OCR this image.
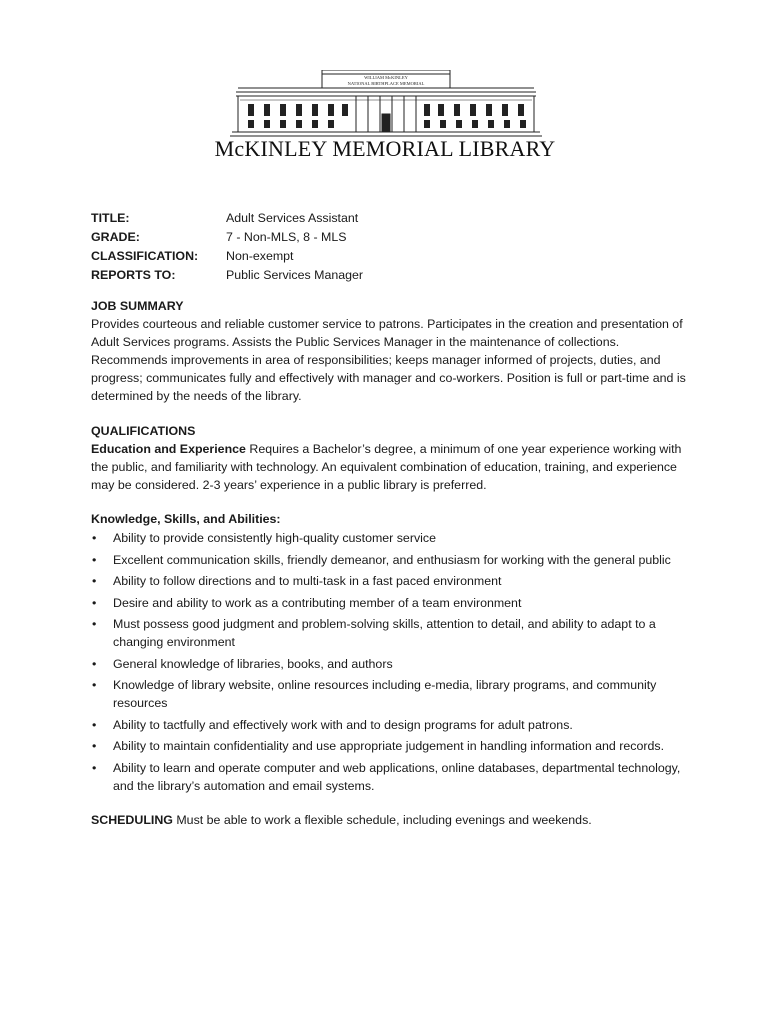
WILLIAM McKINLEY
NATIONAL BIRTHPLACE MEMORIAL
McKINLEY MEMORIAL LIBRARY
TITLE:	Adult Services Assistant
GRADE:	7 - Non-MLS, 8 - MLS
CLASSIFICATION:	Non-exempt
REPORTS TO:	Public Services Manager
JOB SUMMARY

Provides courteous and reliable customer service to patrons. Participates in the creation and presentation of Adult Services programs. Assists the Public Services Manager in the maintenance of collections. Recommends improvements in area of responsibilities; keeps manager informed of projects, duties, and progress; communicates fully and effectively with manager and co-workers. Position is full or part-time and is determined by the needs of the library.

QUALIFICATIONS

Education and Experience Requires a Bachelor’s degree, a minimum of one year experience working with the public, and familiarity with technology. An equivalent combination of education, training, and experience may be considered. 2-3 years’ experience in a public library is preferred.

Knowledge, Skills, and Abilities:
• Ability to provide consistently high-quality customer service
• Excellent communication skills, friendly demeanor, and enthusiasm for working with the general public
• Ability to follow directions and to multi-task in a fast paced environment
• Desire and ability to work as a contributing member of a team environment
• Must possess good judgment and problem-solving skills, attention to detail, and ability to adapt to a changing environment
• General knowledge of libraries, books, and authors
• Knowledge of library website, online resources including e-media, library programs, and community resources
• Ability to tactfully and effectively work with and to design programs for adult patrons.
• Ability to maintain confidentiality and use appropriate judgement in handling information and records.
• Ability to learn and operate computer and web applications, online databases, departmental technology, and the library’s automation and email systems.

SCHEDULING Must be able to work a flexible schedule, including evenings and weekends.
